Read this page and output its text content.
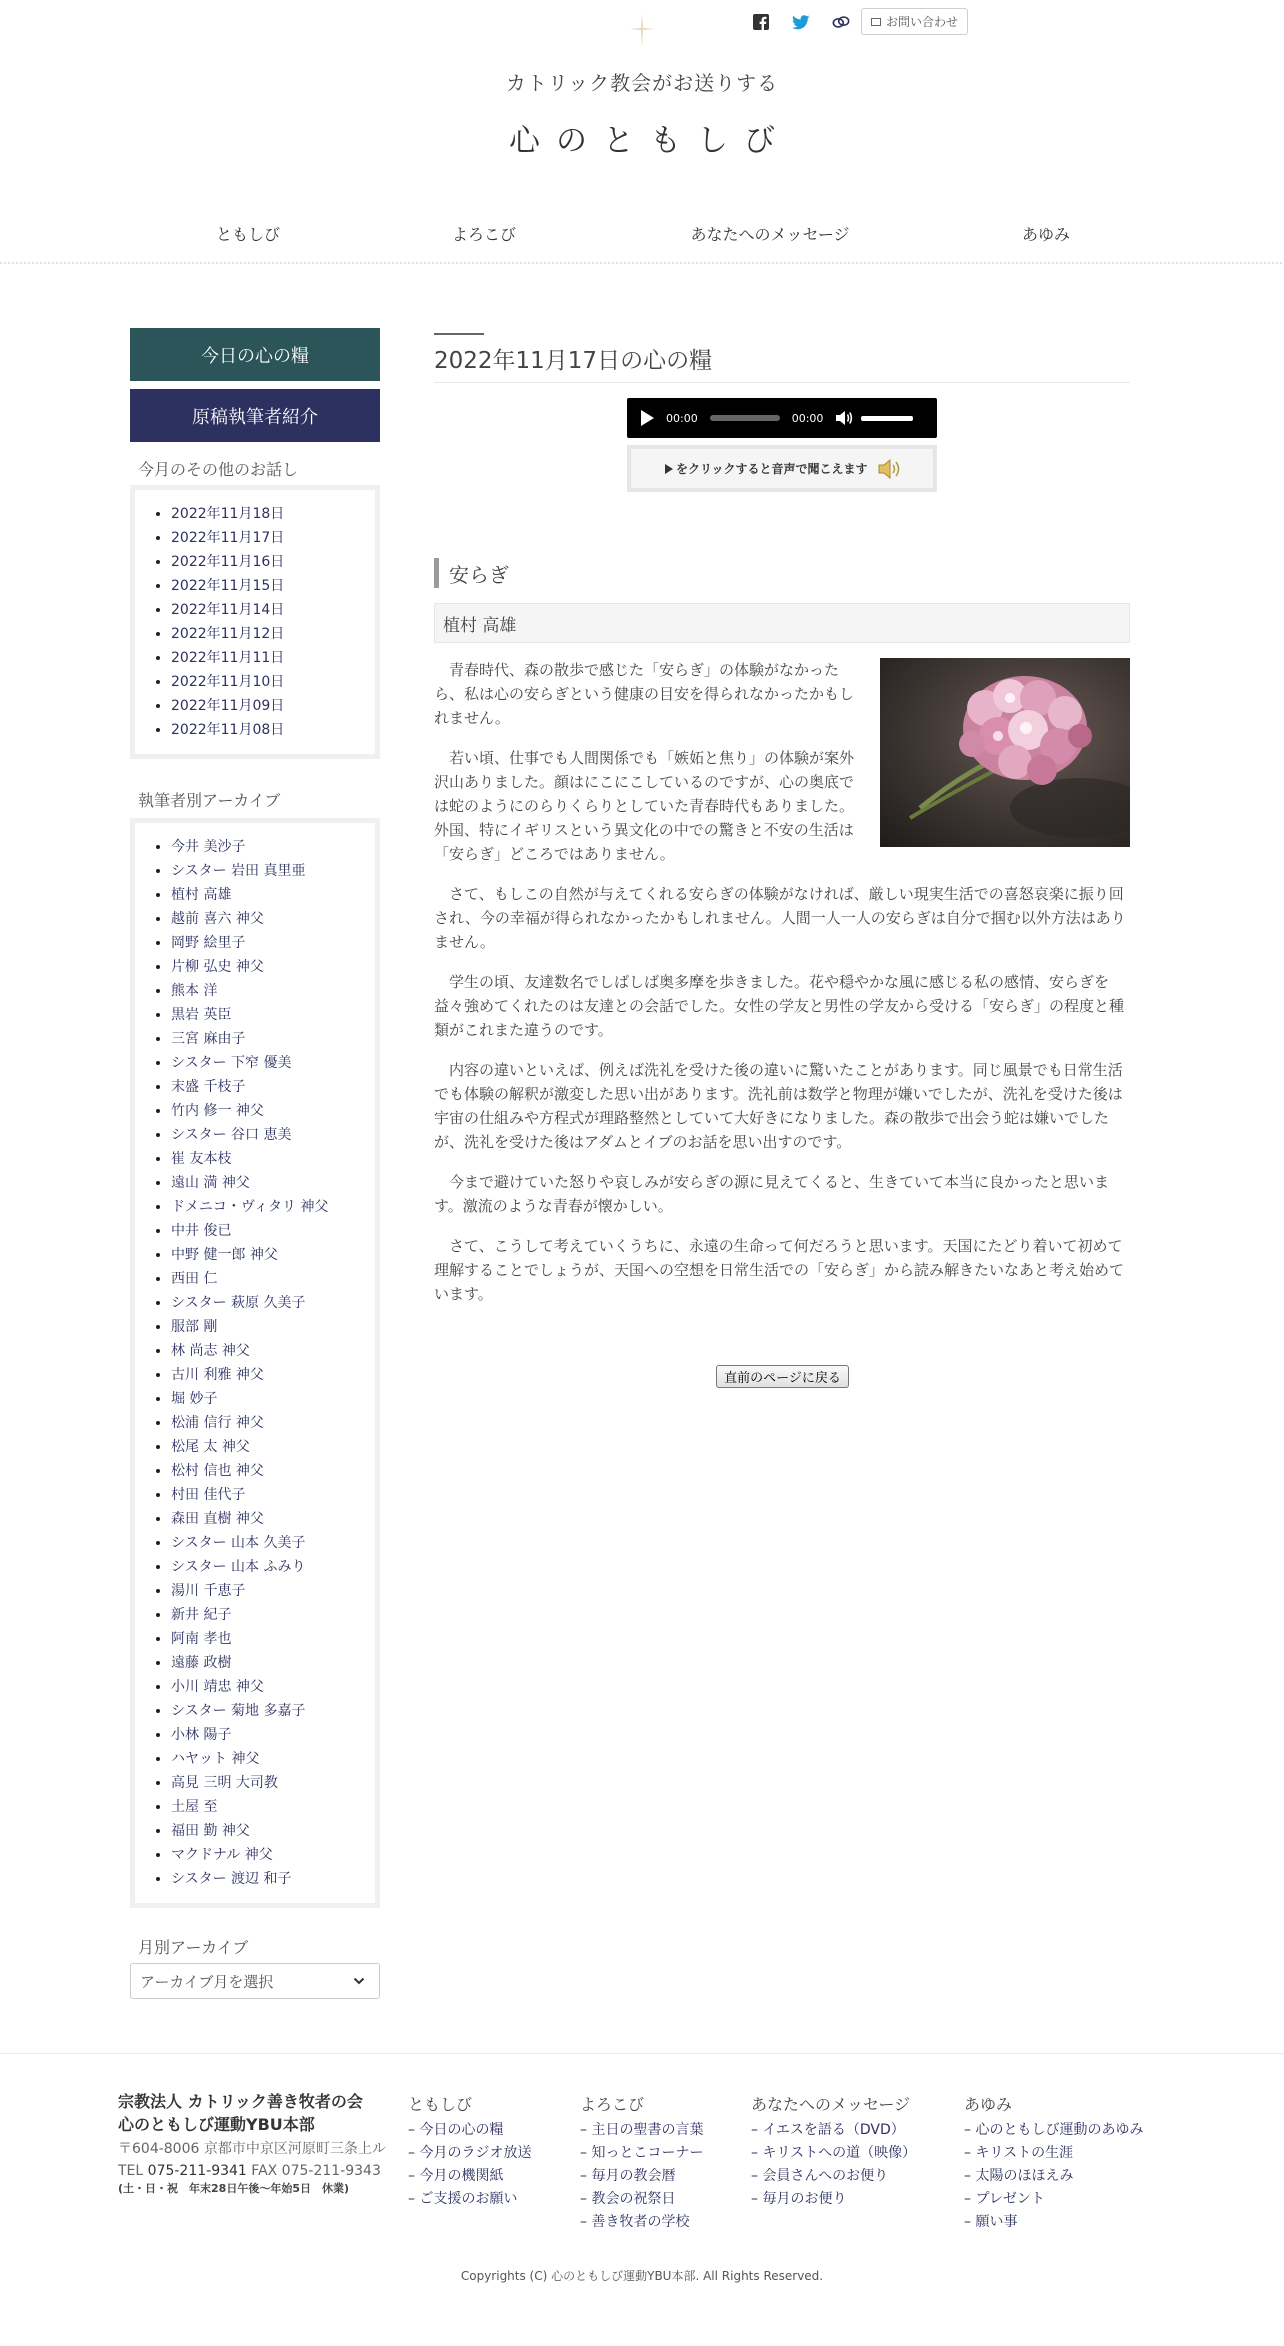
お問い合わせ
カトリック教会がお送りする
心のともしび
ともしび	よろこび	あなたへのメッセージ	あゆみ
今日の心の糧
原稿執筆者紹介
今月のその他のお話し
• 2022年11月18日
• 2022年11月17日
• 2022年11月16日
• 2022年11月15日
• 2022年11月14日
• 2022年11月12日
• 2022年11月11日
• 2022年11月10日
• 2022年11月09日
• 2022年11月08日
執筆者別アーカイブ
• 今井 美沙子
• シスター 岩田 真里亜
• 植村 高雄
• 越前 喜六 神父
• 岡野 絵里子
• 片柳 弘史 神父
• 熊本 洋
• 黒岩 英臣
• 三宮 麻由子
• シスター 下窄 優美
• 末盛 千枝子
• 竹内 修一 神父
• シスター 谷口 恵美
• 崔 友本枝
• 遠山 満 神父
• ドメニコ・ヴィタリ 神父
• 中井 俊已
• 中野 健一郎 神父
• 西田 仁
• シスター 萩原 久美子
• 服部 剛
• 林 尚志 神父
• 古川 利雅 神父
• 堀 妙子
• 松浦 信行 神父
• 松尾 太 神父
• 松村 信也 神父
• 村田 佳代子
• 森田 直樹 神父
• シスター 山本 久美子
• シスター 山本 ふみり
• 湯川 千恵子
• 新井 紀子
• 阿南 孝也
• 遠藤 政樹
• 小川 靖忠 神父
• シスター 菊地 多嘉子
• 小林 陽子
• ハヤット 神父
• 高見 三明 大司教
• 土屋 至
• 福田 勤 神父
• マクドナル 神父
• シスター 渡辺 和子
月別アーカイブ
アーカイブ月を選択
2022年11月17日の心の糧
00:00	00:00
をクリックすると音声で聞こえます
安らぎ
植村 高雄

青春時代、森の散歩で感じた「安らぎ」の体験がなかったら、私は心の安らぎという健康の目安を得られなかったかもしれません。

若い頃、仕事でも人間関係でも「嫉妬と焦り」の体験が案外沢山ありました。顔はにこにこしているのですが、心の奥底では蛇のようにのらりくらりとしていた青春時代もありました。外国、特にイギリスという異文化の中での驚きと不安の生活は「安らぎ」どころではありません。

さて、もしこの自然が与えてくれる安らぎの体験がなければ、厳しい現実生活での喜怒哀楽に振り回され、今の幸福が得られなかったかもしれません。人間一人一人の安らぎは自分で掴む以外方法はありません。

学生の頃、友達数名でしばしば奥多摩を歩きました。花や穏やかな風に感じる私の感情、安らぎを益々強めてくれたのは友達との会話でした。女性の学友と男性の学友から受ける「安らぎ」の程度と種類がこれまた違うのです。

内容の違いといえば、例えば洗礼を受けた後の違いに驚いたことがあります。同じ風景でも日常生活でも体験の解釈が激変した思い出があります。洗礼前は数学と物理が嫌いでしたが、洗礼を受けた後は宇宙の仕組みや方程式が理路整然としていて大好きになりました。森の散歩で出会う蛇は嫌いでしたが、洗礼を受けた後はアダムとイブのお話を思い出すのです。

今まで避けていた怒りや哀しみが安らぎの源に見えてくると、生きていて本当に良かったと思います。激流のような青春が懐かしい。

さて、こうして考えていくうちに、永遠の生命って何だろうと思います。天国にたどり着いて初めて理解することでしょうが、天国への空想を日常生活での「安らぎ」から読み解きたいなあと考え始めています。

直前のページに戻る
宗教法人 カトリック善き牧者の会
心のともしび運動YBU本部
〒604-8006 京都市中京区河原町三条上ル
TEL 075-211-9341 FAX 075-211-9343
(土・日・祝　年末28日午後〜年始5日　休業)
ともしび
– 今日の心の糧
– 今月のラジオ放送
– 今月の機関紙
– ご支援のお願い
よろこび
– 主日の聖書の言葉
– 知っとこコーナー
– 毎月の教会暦
– 教会の祝祭日
– 善き牧者の学校
あなたへのメッセージ
– イエスを語る（DVD）
– キリストへの道（映像）
– 会員さんへのお便り
– 毎月のお便り
あゆみ
– 心のともしび運動のあゆみ
– キリストの生涯
– 太陽のほほえみ
– プレゼント
– 願い事
Copyrights (C) 心のともしび運動YBU本部. All Rights Reserved.
